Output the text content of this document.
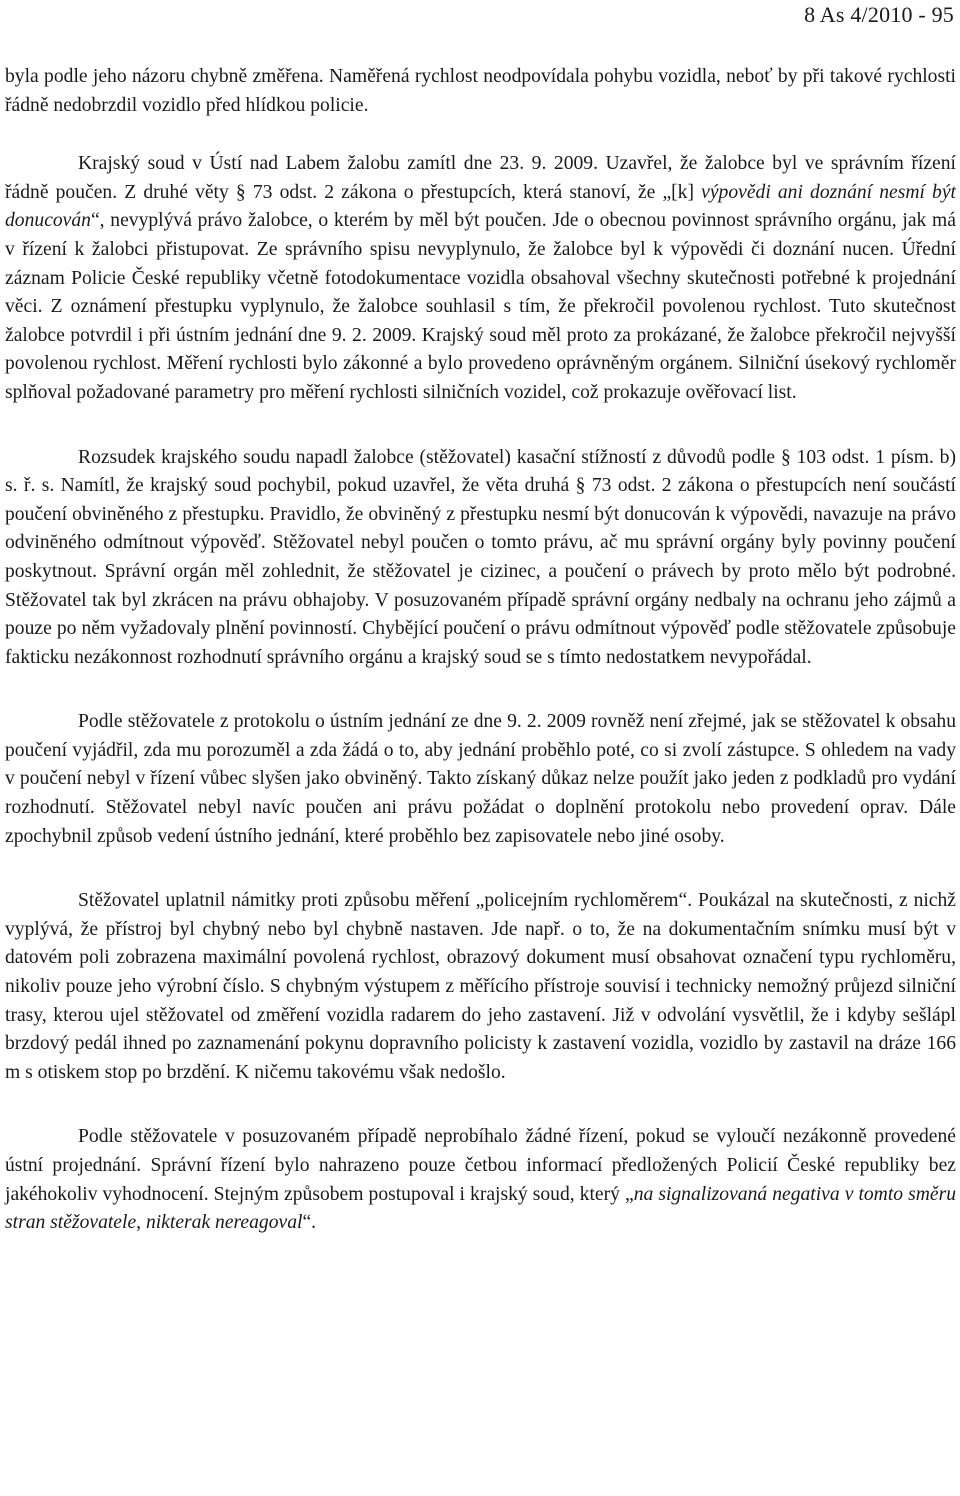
8 As 4/2010 - 95

byla podle jeho názoru chybně změřena. Naměřená rychlost neodpovídala pohybu vozidla, neboť by při takové rychlosti řádně nedobrzdil vozidlo před hlídkou policie.

Krajský soud v Ústí nad Labem žalobu zamítl dne 23. 9. 2009. Uzavřel, že žalobce byl ve správním řízení řádně poučen. Z druhé věty § 73 odst. 2 zákona o přestupcích, která stanoví, že „[k] výpovědi ani doznání nesmí být donucován“, nevyplývá právo žalobce, o kterém by měl být poučen. Jde o obecnou povinnost správního orgánu, jak má v řízení k žalobci přistupovat. Ze správního spisu nevyplynulo, že žalobce byl k výpovědi či doznání nucen. Úřední záznam Policie České republiky včetně fotodokumentace vozidla obsahoval všechny skutečnosti potřebné k projednání věci. Z oznámení přestupku vyplynulo, že žalobce souhlasil s tím, že překročil povolenou rychlost. Tuto skutečnost žalobce potvrdil i při ústním jednání dne 9. 2. 2009. Krajský soud měl proto za prokázané, že žalobce překročil nejvyšší povolenou rychlost. Měření rychlosti bylo zákonné a bylo provedeno oprávněným orgánem. Silniční úsekový rychloměr splňoval požadované parametry pro měření rychlosti silničních vozidel, což prokazuje ověřovací list.

Rozsudek krajského soudu napadl žalobce (stěžovatel) kasační stížností z důvodů podle § 103 odst. 1 písm. b) s. ř. s. Namítl, že krajský soud pochybil, pokud uzavřel, že věta druhá § 73 odst. 2 zákona o přestupcích není součástí poučení obviněného z přestupku. Pravidlo, že obviněný z přestupku nesmí být donucován k výpovědi, navazuje na právo odvinĕného odmítnout výpověď. Stěžovatel nebyl poučen o tomto právu, ač mu správní orgány byly povinny poučení poskytnout. Správní orgán měl zohlednit, že stěžovatel je cizinec, a poučení o právech by proto mělo být podrobné. Stěžovatel tak byl zkrácen na právu obhajoby. V posuzovaném případě správní orgány nedbaly na ochranu jeho zájmů a pouze po něm vyžadovaly plnění povinností. Chybějící poučení o právu odmítnout výpověď podle stěžovatele způsobuje fakticku nezákonnost rozhodnutí správního orgánu a krajský soud se s tímto nedostatkem nevypořádal.

Podle stěžovatele z protokolu o ústním jednání ze dne 9. 2. 2009 rovněž není zřejmé, jak se stěžovatel k obsahu poučení vyjádřil, zda mu porozuměl a zda žádá o to, aby jednání proběhlo poté, co si zvolí zástupce. S ohledem na vady v poučení nebyl v řízení vůbec slyšen jako obviněný. Takto získaný důkaz nelze použít jako jeden z podkladů pro vydání rozhodnutí. Stěžovatel nebyl navíc poučen ani právu požádat o doplnění protokolu nebo provedení oprav. Dále zpochybnil způsob vedení ústního jednání, které proběhlo bez zapisovatele nebo jiné osoby.

Stěžovatel uplatnil námitky proti způsobu měření „policejním rychloměrem“. Poukázal na skutečnosti, z nichž vyplývá, že přístroj byl chybný nebo byl chybně nastaven. Jde např. o to, že na dokumentačním snímku musí být v datovém poli zobrazena maximální povolená rychlost, obrazový dokument musí obsahovat označení typu rychloměru, nikoliv pouze jeho výrobní číslo. S chybným výstupem z měřícího přístroje souvisí i technicky nemožný průjezd silniční trasy, kterou ujel stěžovatel od změření vozidla radarem do jeho zastavení. Již v odvolání vysvětlil, že i kdyby sešlápl brzdový pedál ihned po zaznamenání pokynu dopravního policisty k zastavení vozidla, vozidlo by zastavil na dráze 166 m s otiskem stop po brzdění. K ničemu takovému však nedošlo.

Podle stěžovatele v posuzovaném případě neprobíhalo žádné řízení, pokud se vyloučí nezákonně provedené ústní projednání. Správní řízení bylo nahrazeno pouze četbou informací předložených Policií České republiky bez jakéhokoliv vyhodnocení. Stejným způsobem postupoval i krajský soud, který „na signalizovaná negativa v tomto směru stran stěžovatele, nikterak nereagoval“.
